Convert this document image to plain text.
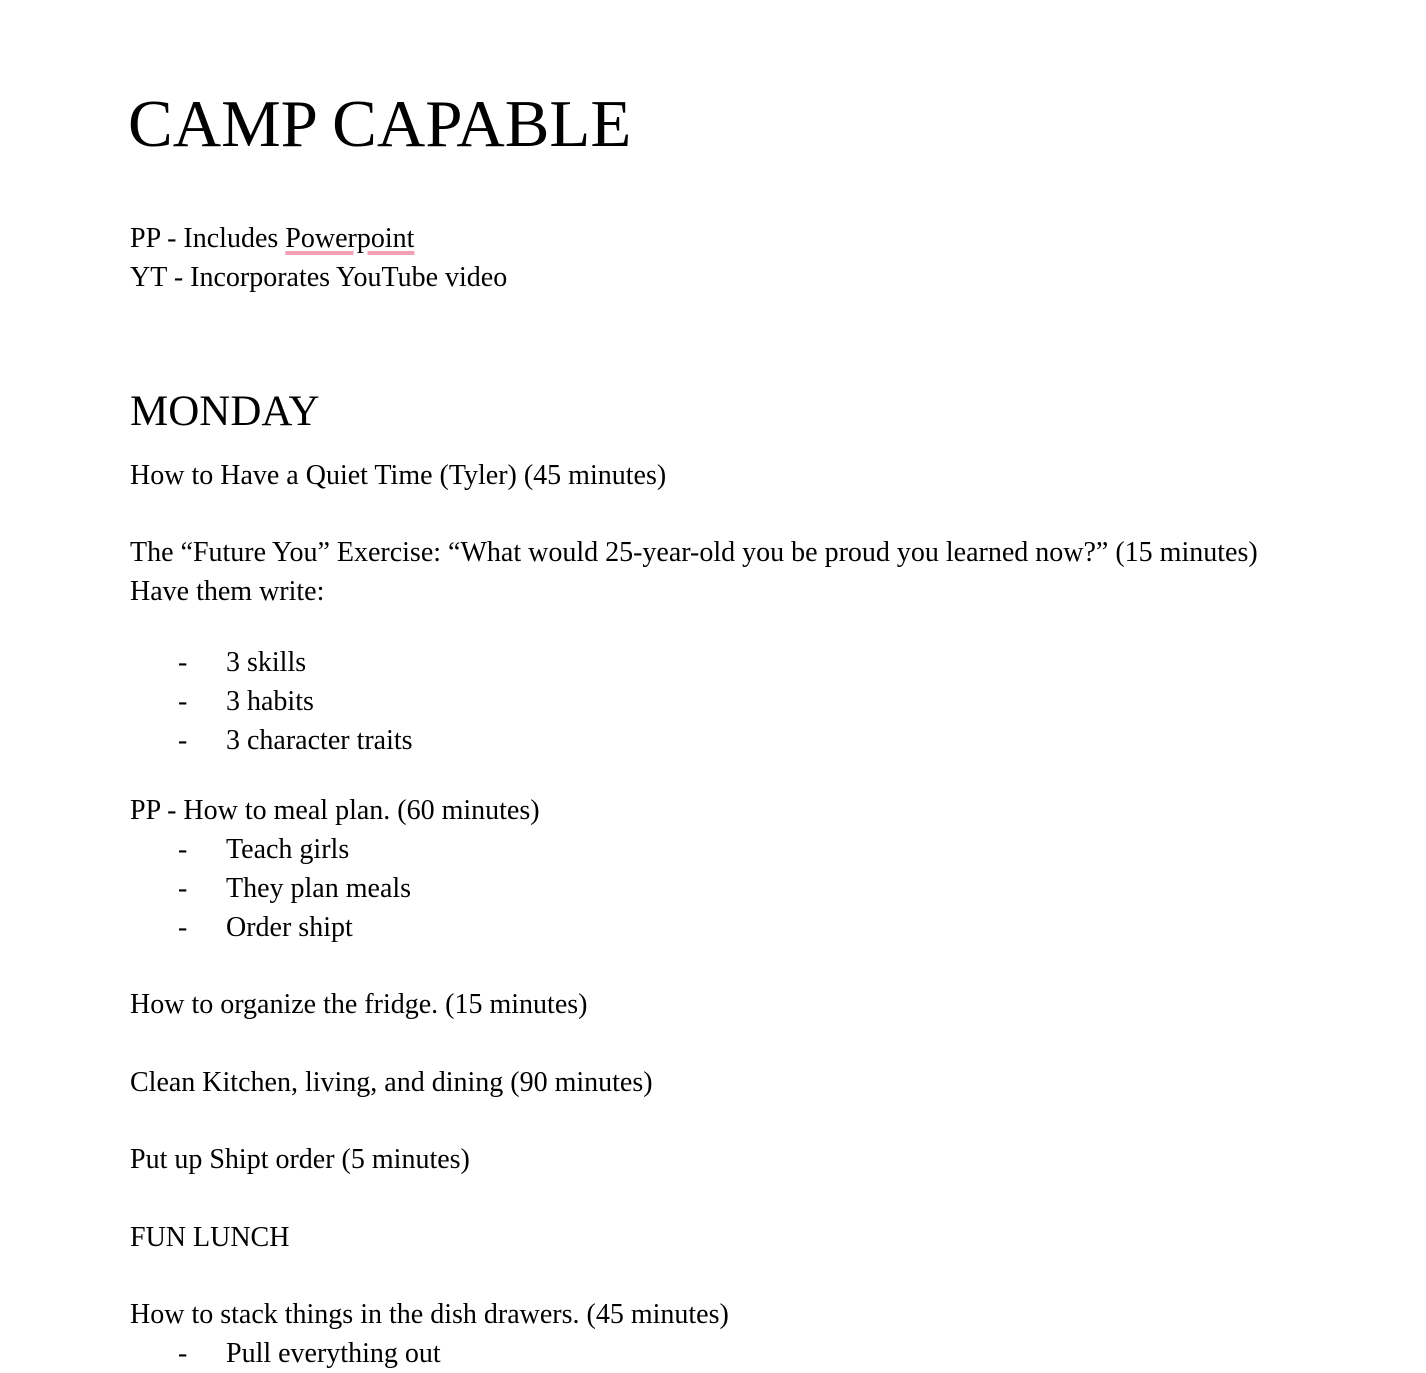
CAMP CAPABLE
PP - Includes Powerpoint
YT - Incorporates YouTube video
MONDAY
How to Have a Quiet Time (Tyler) (45 minutes)
The “Future You” Exercise: “What would 25-year-old you be proud you learned now?” (15 minutes)
Have them write:
- 3 skills
- 3 habits
- 3 character traits
PP - How to meal plan. (60 minutes)
- Teach girls
- They plan meals
- Order shipt
How to organize the fridge. (15 minutes)
Clean Kitchen, living, and dining (90 minutes)
Put up Shipt order (5 minutes)
FUN LUNCH
How to stack things in the dish drawers. (45 minutes)
- Pull everything out
